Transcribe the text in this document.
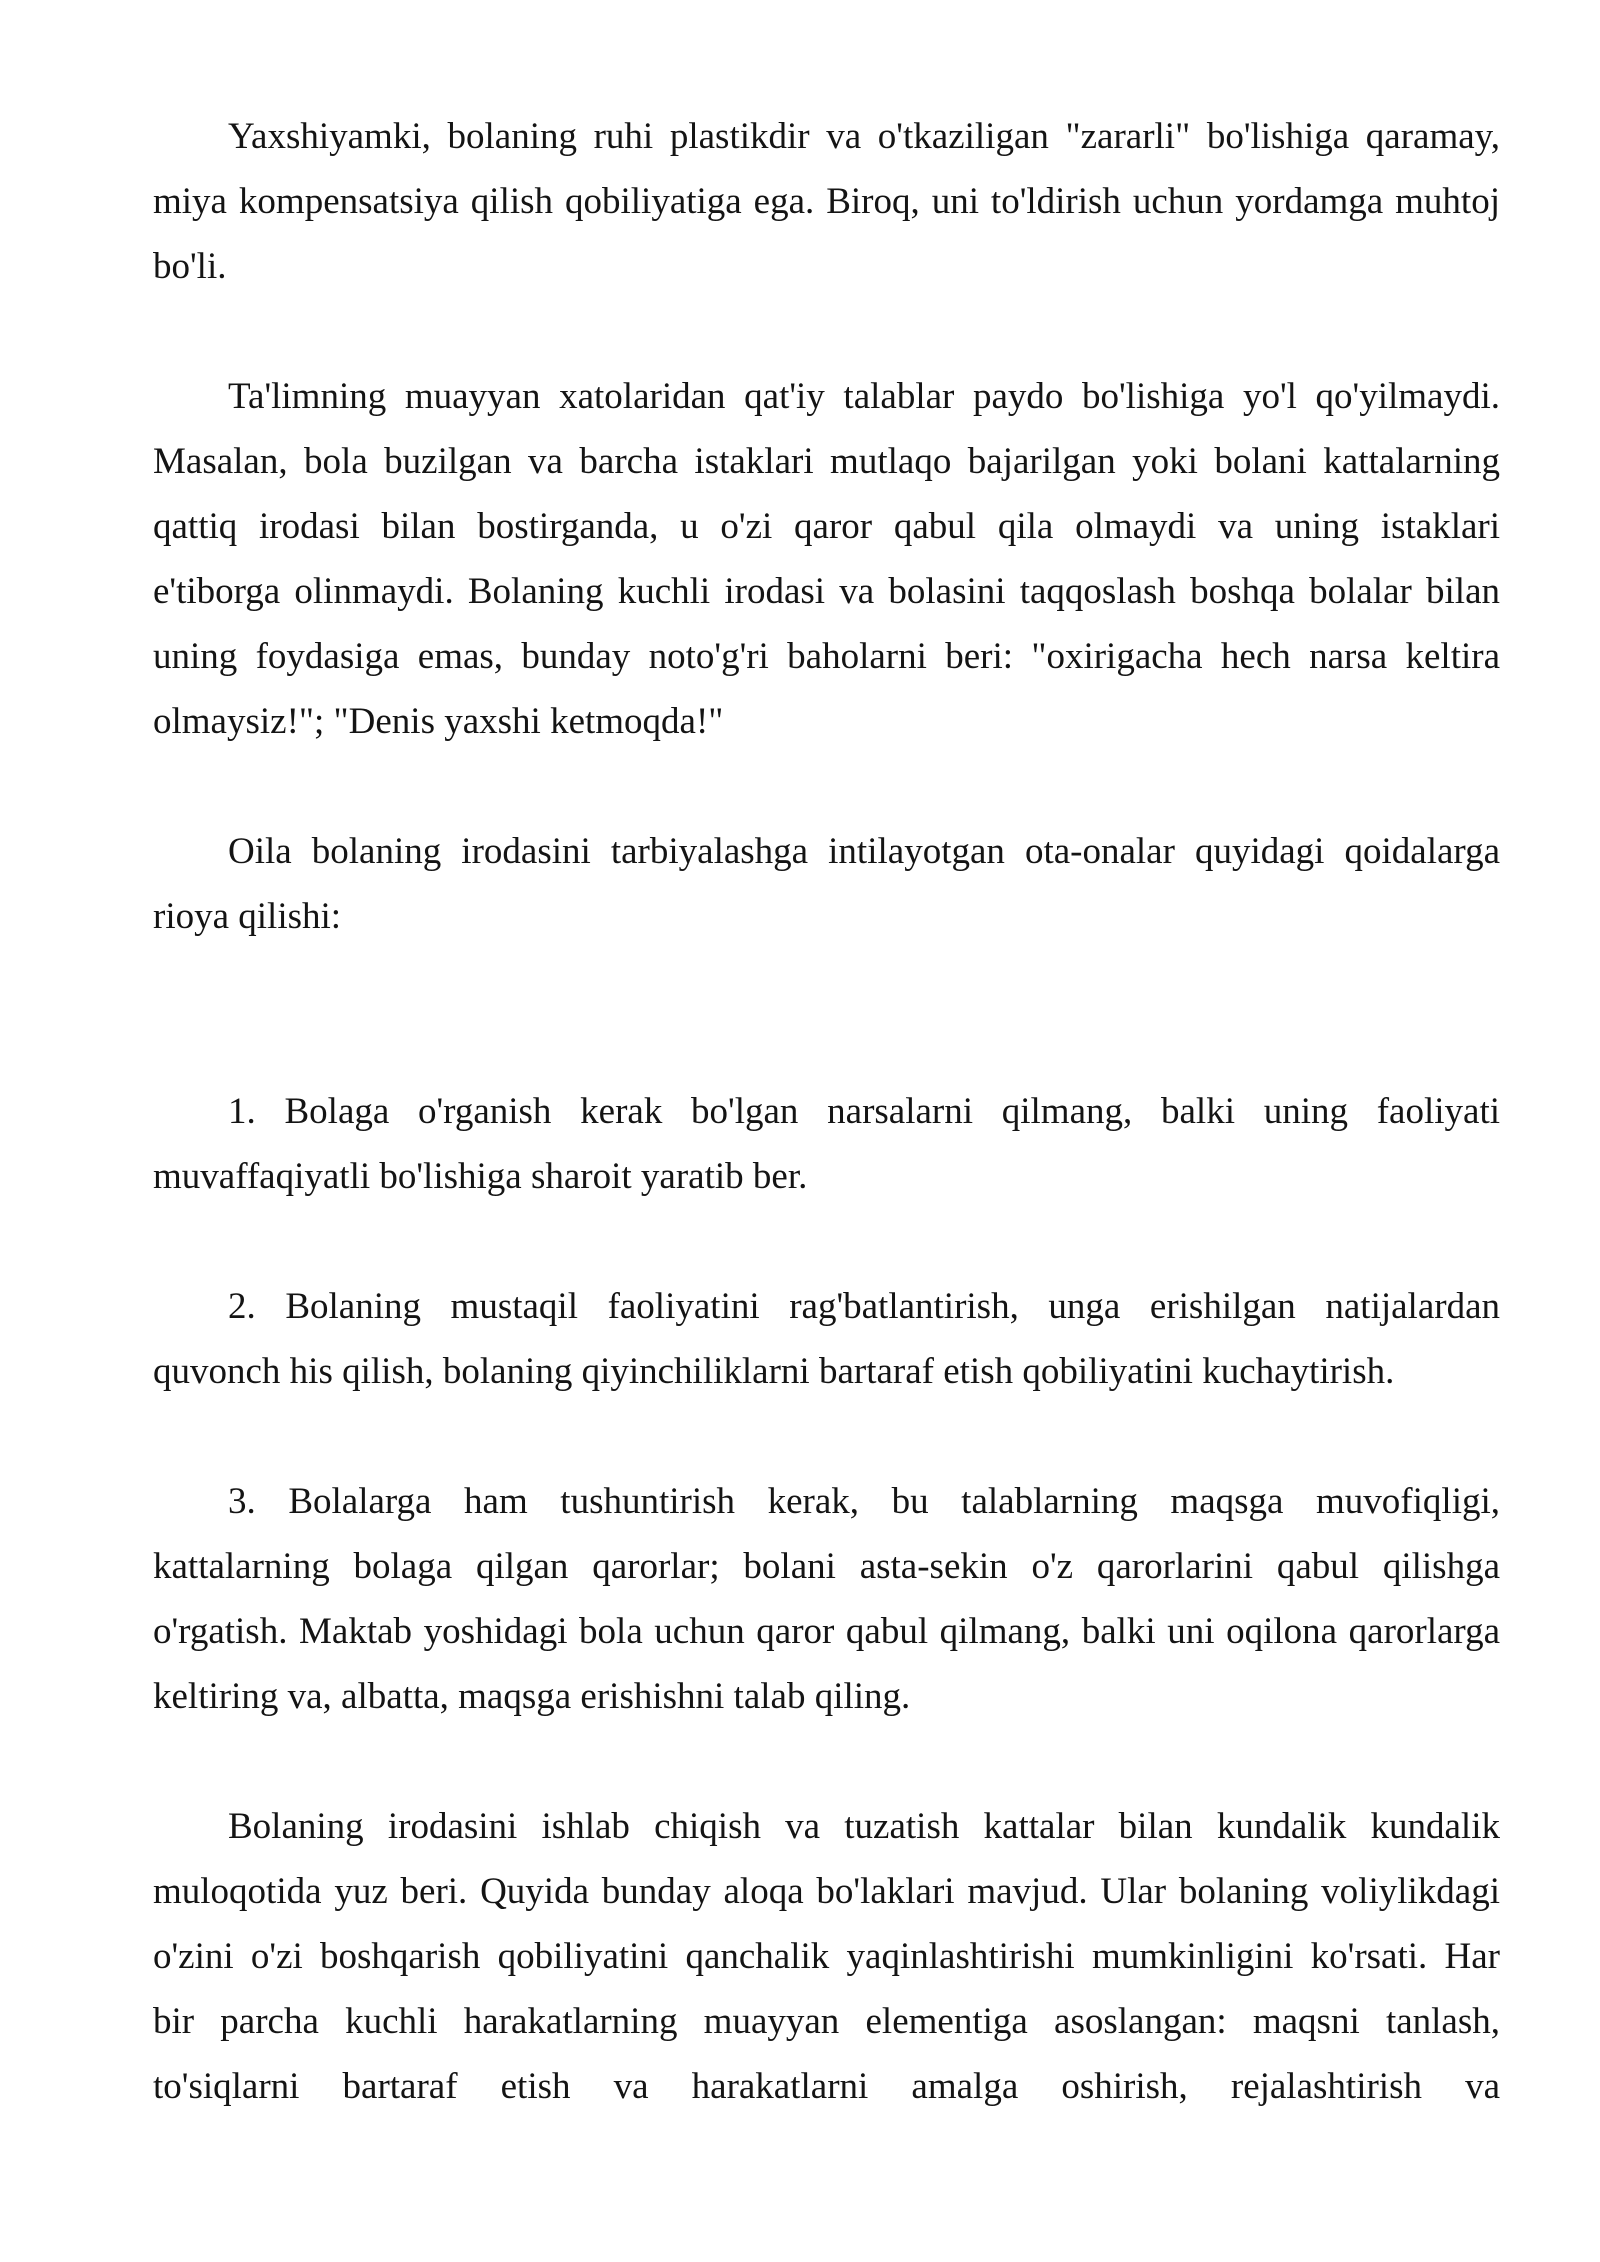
Yaxshiyamki, bolaning ruhi plastikdir va o'tkaziligan "zararli" bo'lishiga qaramay,
miya kompensatsiya qilish qobiliyatiga ega. Biroq, uni to'ldirish uchun yordamga muhtoj
bo'li.
Ta'limning muayyan xatolaridan qat'iy talablar paydo bo'lishiga yo'l qo'yilmaydi.
Masalan, bola buzilgan va barcha istaklari mutlaqo bajarilgan yoki bolani kattalarning
qattiq irodasi bilan bostirganda, u o'zi qaror qabul qila olmaydi va uning istaklari
e'tiborga olinmaydi. Bolaning kuchli irodasi va bolasini taqqoslash boshqa bolalar bilan
uning foydasiga emas, bunday noto'g'ri baholarni beri: "oxirigacha hech narsa keltira
olmaysiz!"; "Denis yaxshi ketmoqda!"
Oila bolaning irodasini tarbiyalashga intilayotgan ota-onalar quyidagi qoidalarga
rioya qilishi:
1. Bolaga o'rganish kerak bo'lgan narsalarni qilmang, balki uning faoliyati
muvaffaqiyatli bo'lishiga sharoit yaratib ber.
2. Bolaning mustaqil faoliyatini rag'batlantirish, unga erishilgan natijalardan
quvonch his qilish, bolaning qiyinchiliklarni bartaraf etish qobiliyatini kuchaytirish.
3. Bolalarga ham tushuntirish kerak, bu talablarning maqsga muvofiqligi,
kattalarning bolaga qilgan qarorlar; bolani asta-sekin o'z qarorlarini qabul qilishga
o'rgatish. Maktab yoshidagi bola uchun qaror qabul qilmang, balki uni oqilona qarorlarga
keltiring va, albatta, maqsga erishishni talab qiling.
Bolaning irodasini ishlab chiqish va tuzatish kattalar bilan kundalik kundalik
muloqotida yuz beri. Quyida bunday aloqa bo'laklari mavjud. Ular bolaning voliylikdagi
o'zini o'zi boshqarish qobiliyatini qanchalik yaqinlashtirishi mumkinligini ko'rsati. Har
bir parcha kuchli harakatlarning muayyan elementiga asoslangan: maqsni tanlash,
to'siqlarni bartaraf etish va harakatlarni amalga oshirish, rejalashtirish va
